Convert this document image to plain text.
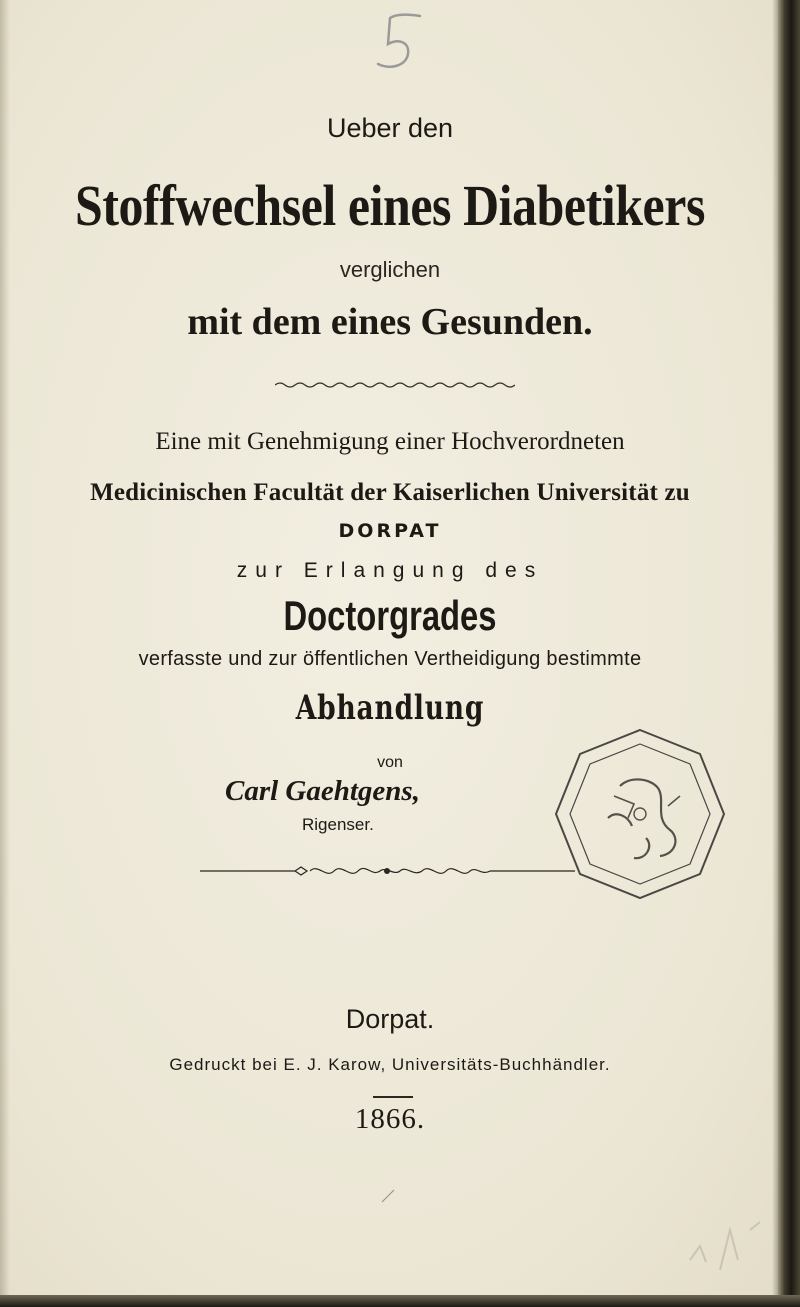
Ueber den
Stoffwechsel eines Diabetikers
verglichen
mit dem eines Gesunden.
Eine mit Genehmigung einer Hochverordneten
Medicinischen Facultät der Kaiserlichen Universität zu
DORPAT
zur Erlangung des
Doctorgrades
verfasste und zur öffentlichen Vertheidigung bestimmte
Abhandlung
von
Carl Gaehtgens,
Rigenser.
Dorpat.
Gedruckt bei E. J. Karow, Universitäts-Buchhändler.
1866.
